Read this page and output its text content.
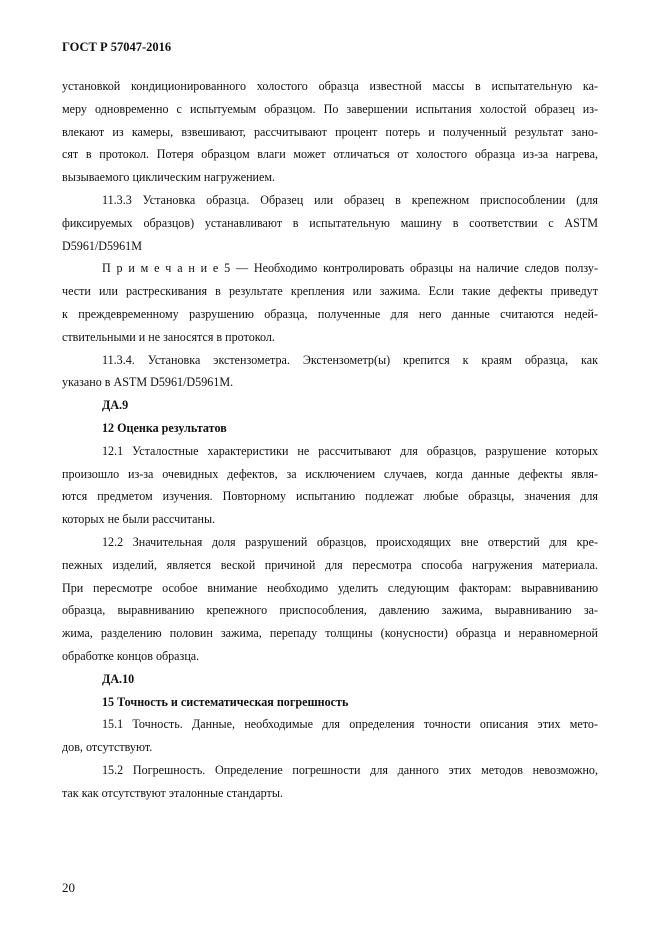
ГОСТ Р 57047-2016
установкой кондиционированного холостого образца известной массы в испытательную ка-
меру одновременно с испытуемым образцом. По завершении испытания холостой образец из-
влекают из камеры, взвешивают, рассчитывают процент потерь и полученный результат зано-
сят в протокол. Потеря образцом влаги может отличаться от холостого образца из-за нагрева,
вызываемого циклическим нагружением.
11.3.3 Установка образца. Образец или образец в крепежном приспособлении (для
фиксируемых образцов) устанавливают в испытательную машину в соответствии с ASTM
D5961/D5961M
П р и м е ч а н и е 5 — Необходимо контролировать образцы на наличие следов ползу-
чести или растрескивания в результате крепления или зажима. Если такие дефекты приведут
к преждевременному разрушению образца, полученные для него данные считаются недей-
ствительными и не заносятся в протокол.
11.3.4. Установка экстензометра. Экстензометр(ы) крепится к краям образца, как
указано в ASTM D5961/D5961M.
ДА.9
12 Оценка результатов
12.1 Усталостные характеристики не рассчитывают для образцов, разрушение которых
произошло из-за очевидных дефектов, за исключением случаев, когда данные дефекты явля-
ются предметом изучения. Повторному испытанию подлежат любые образцы, значения для
которых не были рассчитаны.
12.2 Значительная доля разрушений образцов, происходящих вне отверстий для кре-
пежных изделий, является веской причиной для пересмотра способа нагружения материала.
При пересмотре особое внимание необходимо уделить следующим факторам: выравниванию
образца, выравниванию крепежного приспособления, давлению зажима, выравниванию за-
жима, разделению половин зажима, перепаду толщины (конусности) образца и неравномерной
обработке концов образца.
ДА.10
15 Точность и систематическая погрешность
15.1 Точность. Данные, необходимые для определения точности описания этих мето-
дов, отсутствуют.
15.2 Погрешность. Определение погрешности для данного этих методов невозможно,
так как отсутствуют эталонные стандарты.
20
